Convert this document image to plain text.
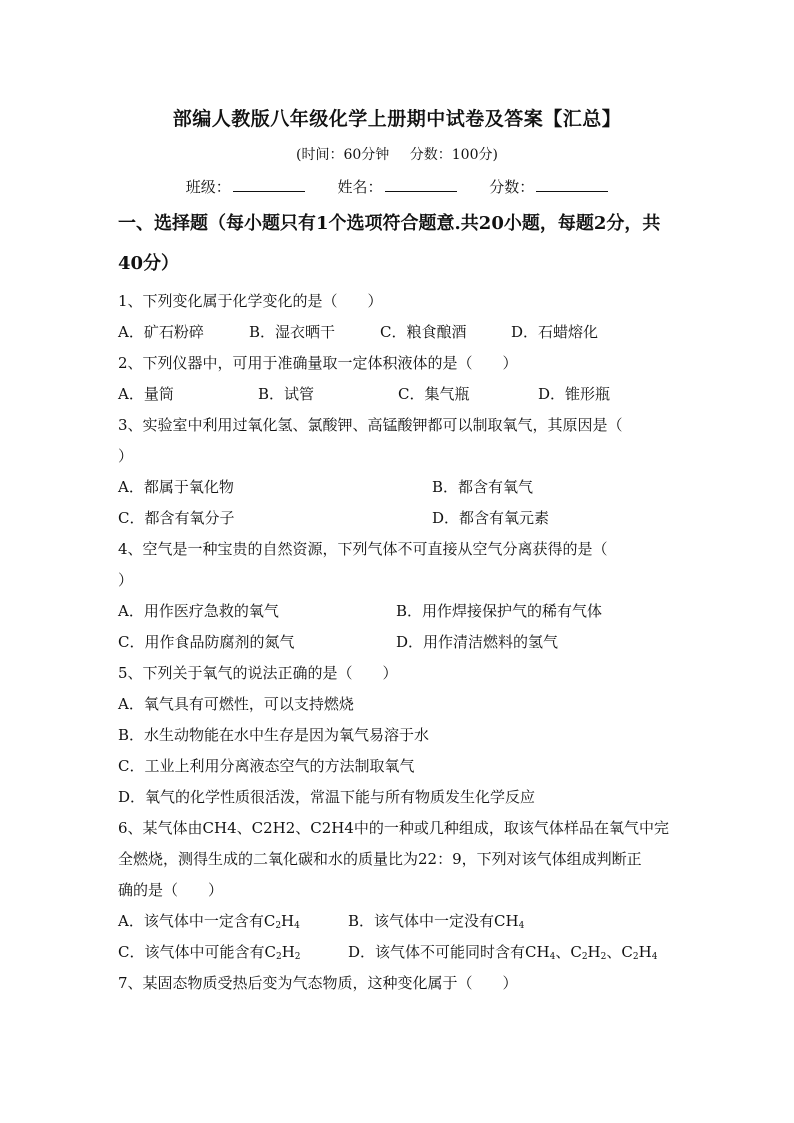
部编人教版八年级化学上册期中试卷及答案【汇总】
(时间：60分钟 分数：100分)
班级：	姓名：	分数：
一、选择题（每小题只有1个选项符合题意.共20小题，每题2分，共
40分）
1、下列变化属于化学变化的是（　　）
A．矿石粉碎	B．湿衣晒干	C．粮食酿酒	D．石蜡熔化
2、下列仪器中，可用于准确量取一定体积液体的是（　　）
A．量筒	B．试管	C．集气瓶	D．锥形瓶
3、实验室中利用过氧化氢、氯酸钾、高锰酸钾都可以制取氧气，其原因是（
）
A．都属于氧化物	B．都含有氧气
C．都含有氧分子	D．都含有氧元素
4、空气是一种宝贵的自然资源，下列气体不可直接从空气分离获得的是（
）
A．用作医疗急救的氧气	B．用作焊接保护气的稀有气体
C．用作食品防腐剂的氮气	D．用作清洁燃料的氢气
5、下列关于氧气的说法正确的是（　　）
A．氧气具有可燃性，可以支持燃烧
B．水生动物能在水中生存是因为氧气易溶于水
C．工业上利用分离液态空气的方法制取氧气
D．氧气的化学性质很活泼，常温下能与所有物质发生化学反应
6、某气体由CH4、C2H2、C2H4中的一种或几种组成，取该气体样品在氧气中完
全燃烧，测得生成的二氧化碳和水的质量比为22：9，下列对该气体组成判断正
确的是（　　）
A．该气体中一定含有$C_2H_4$	B．该气体中一定没有$CH_4$
C．该气体中可能含有$C_2H_2$	D．该气体不可能同时含有$CH_4$、$C_2H_2$、$C_2H_4$
7、某固态物质受热后变为气态物质，这种变化属于（　　）
